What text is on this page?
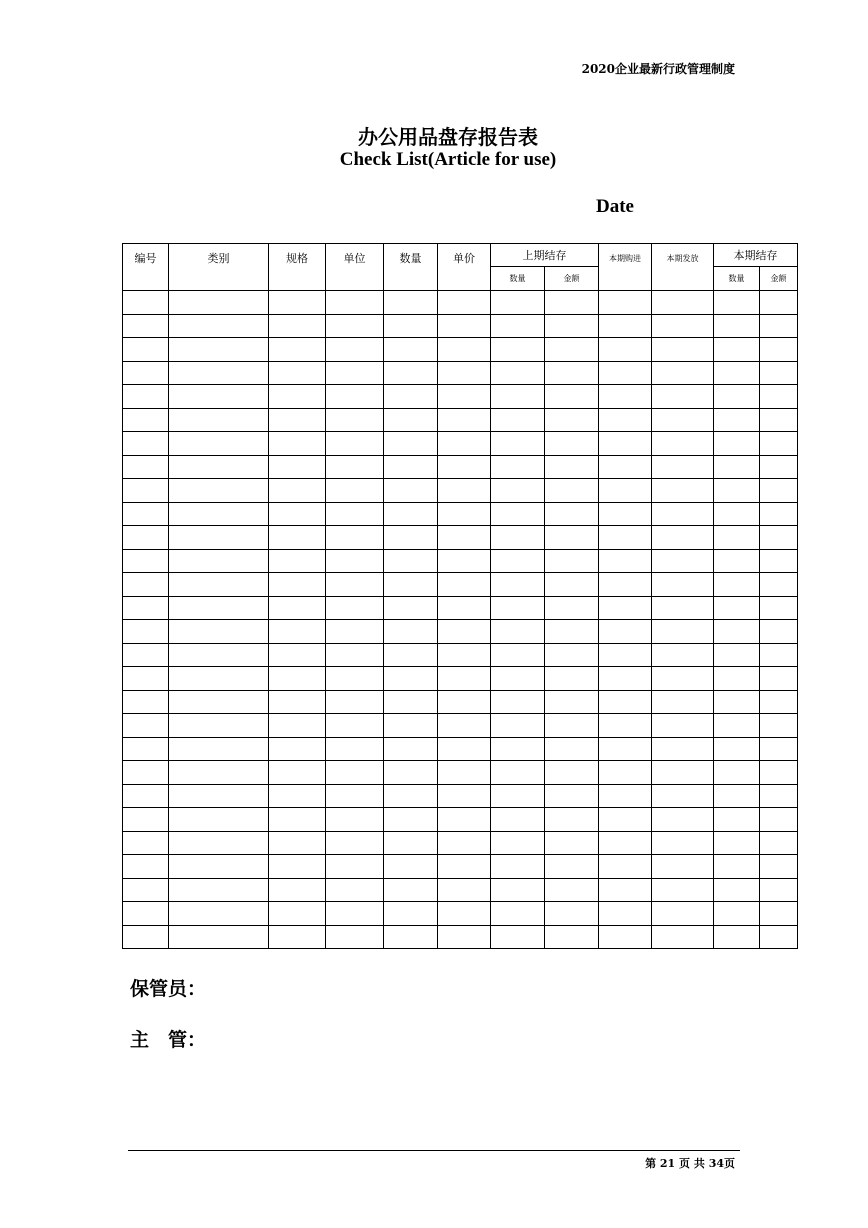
2020企业最新行政管理制度
办公用品盘存报告表
Check List(Article for use)
Date
编号	类别	规格	单位	数量	单价	上期结存		本期购进	本期发放	本期结存	
						数量	金额			数量	金额

保管员：
主　管：
第 21 页 共 34页
